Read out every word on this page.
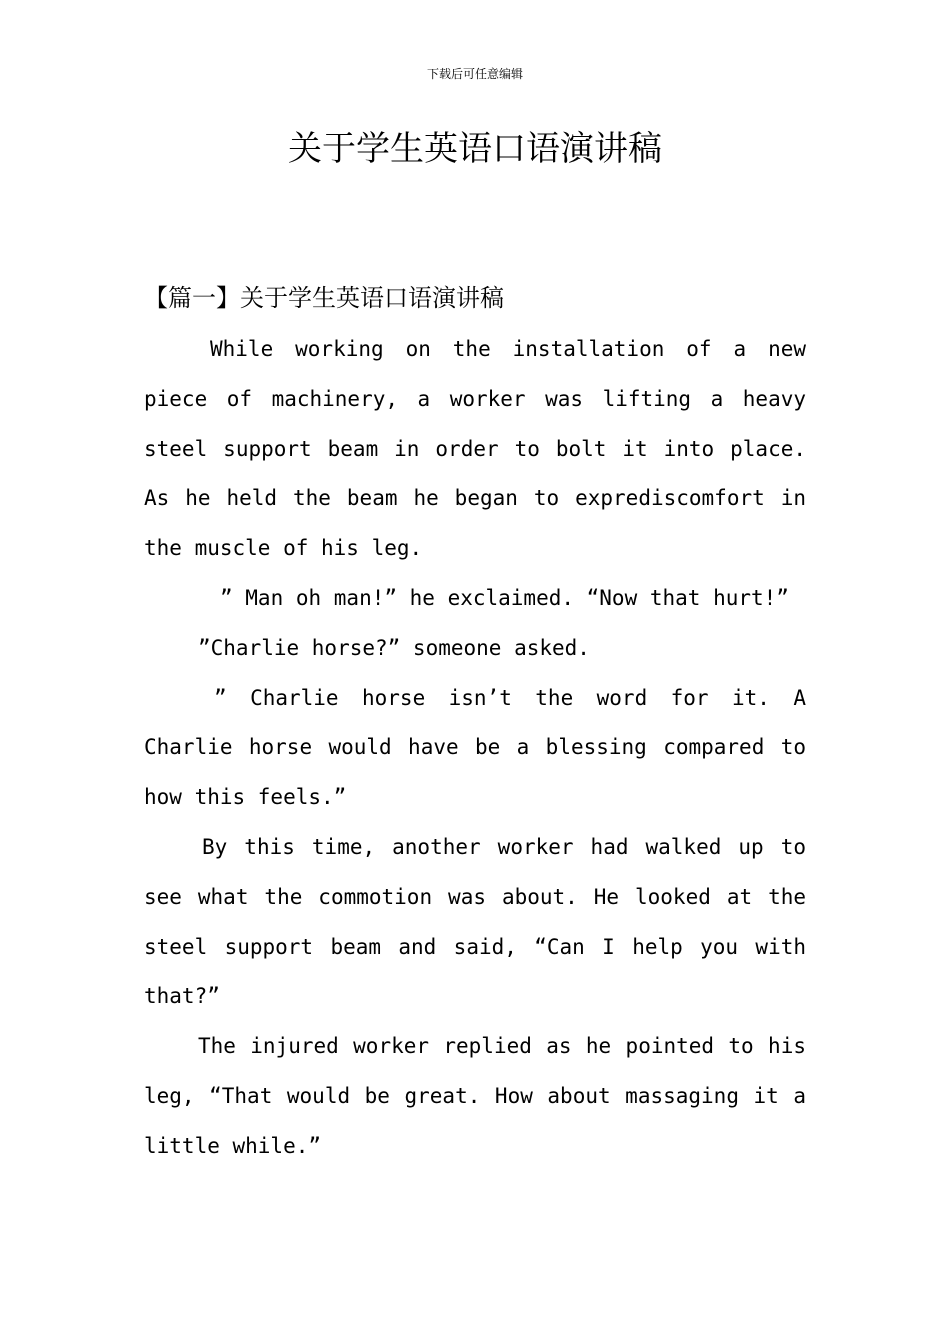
下载后可任意编辑
关于学生英语口语演讲稿
【篇一】关于学生英语口语演讲稿

While working on the installation of a new piece of machinery, a worker was lifting a heavy steel support beam in order to bolt it into place. As he held the beam he began to exprediscomfort in the muscle of his leg.

” Man oh man!” he exclaimed. “Now that hurt!”

”Charlie horse?” someone asked.

” Charlie horse isn’t the word for it. A Charlie horse would have be a blessing compared to how this feels.”

By this time, another worker had walked up to see what the commotion was about. He looked at the steel support beam and said, “Can I help you with that?”

The injured worker replied as he pointed to his leg, “That would be great. How about massaging it a little while.”
